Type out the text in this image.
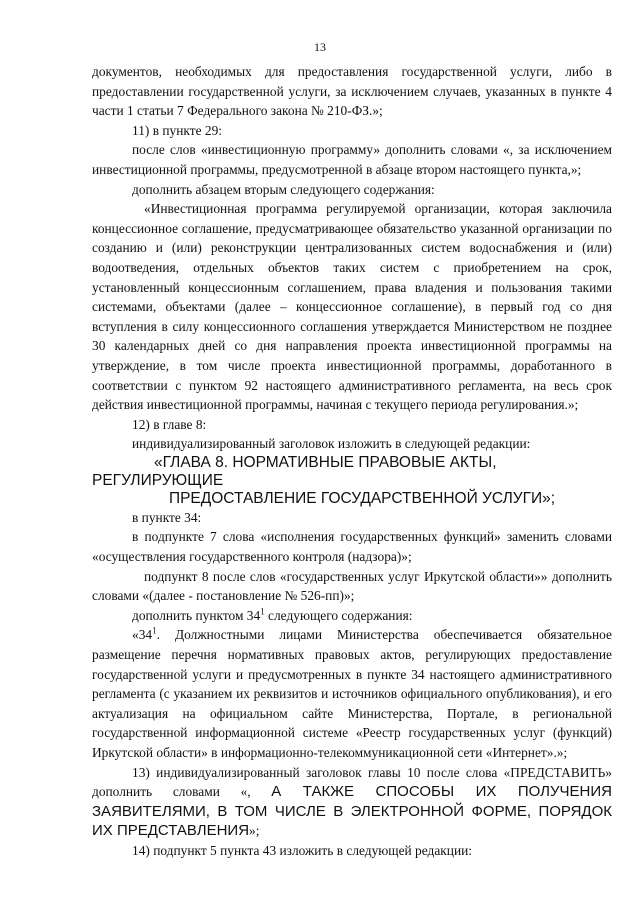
13

документов, необходимых для предоставления государственной услуги, либо в предоставлении государственной услуги, за исключением случаев, указанных в пункте 4 части 1 статьи 7 Федерального закона № 210-ФЗ.»;

11) в пункте 29:

после слов «инвестиционную программу» дополнить словами «, за исключением инвестиционной программы, предусмотренной в абзаце втором настоящего пункта,»;

дополнить абзацем вторым следующего содержания:

«Инвестиционная программа регулируемой организации, которая заключила концессионное соглашение, предусматривающее обязательство указанной организации по созданию и (или) реконструкции централизованных систем водоснабжения и (или) водоотведения, отдельных объектов таких систем с приобретением на срок, установленный концессионным соглашением, права владения и пользования такими системами, объектами (далее – концессионное соглашение), в первый год со дня вступления в силу концессионного соглашения утверждается Министерством не позднее 30 календарных дней со дня направления проекта инвестиционной программы на утверждение, в том числе проекта инвестиционной программы, доработанного в соответствии с пунктом 92 настоящего административного регламента, на весь срок действия инвестиционной программы, начиная с текущего периода регулирования.»;

12) в главе 8:

индивидуализированный заголовок изложить в следующей редакции:

«ГЛАВА 8. НОРМАТИВНЫЕ ПРАВОВЫЕ АКТЫ, РЕГУЛИРУЮЩИЕ

ПРЕДОСТАВЛЕНИЕ ГОСУДАРСТВЕННОЙ УСЛУГИ»;

в пункте 34:

в подпункте 7 слова «исполнения государственных функций» заменить словами «осуществления государственного контроля (надзора)»;

подпункт 8 после слов «государственных услуг Иркутской области»» дополнить словами «(далее - постановление № 526-пп)»;

дополнить пунктом $34^1$ следующего содержания:

«$34^1$. Должностными лицами Министерства обеспечивается обязательное размещение перечня нормативных правовых актов, регулирующих предоставление государственной услуги и предусмотренных в пункте 34 настоящего административного регламента (с указанием их реквизитов и источников официального опубликования), и его актуализация на официальном сайте Министерства, Портале, в региональной государственной информационной системе «Реестр государственных услуг (функций) Иркутской области» в информационно-телекоммуникационной сети «Интернет».»;

13) индивидуализированный заголовок главы 10 после слова «ПРЕДСТАВИТЬ» дополнить словами «, А ТАКЖЕ СПОСОБЫ ИХ ПОЛУЧЕНИЯ ЗАЯВИТЕЛЯМИ, В ТОМ ЧИСЛЕ В ЭЛЕКТРОННОЙ ФОРМЕ, ПОРЯДОК ИХ ПРЕДСТАВЛЕНИЯ»;

14) подпункт 5 пункта 43 изложить в следующей редакции:
